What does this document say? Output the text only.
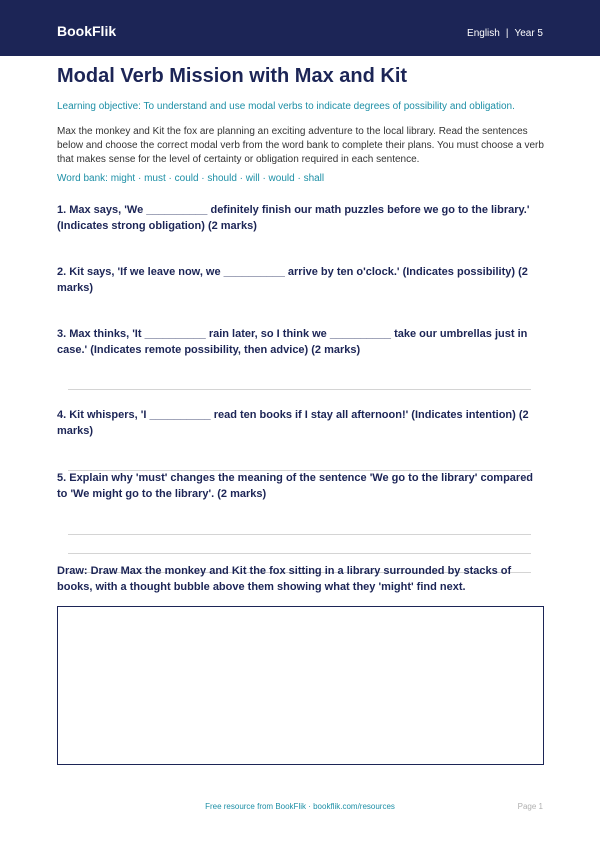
BookFlik	English | Year 5
Modal Verb Mission with Max and Kit
Learning objective: To understand and use modal verbs to indicate degrees of possibility and obligation.
Max the monkey and Kit the fox are planning an exciting adventure to the local library. Read the sentences below and choose the correct modal verb from the word bank to complete their plans. You must choose a verb that makes sense for the level of certainty or obligation required in each sentence.
Word bank: might · must · could · should · will · would · shall
1. Max says, 'We __________ definitely finish our math puzzles before we go to the library.' (Indicates strong obligation) (2 marks)
2. Kit says, 'If we leave now, we __________ arrive by ten o'clock.' (Indicates possibility) (2 marks)
3. Max thinks, 'It __________ rain later, so I think we __________ take our umbrellas just in case.' (Indicates remote possibility, then advice) (2 marks)
4. Kit whispers, 'I __________ read ten books if I stay all afternoon!' (Indicates intention) (2 marks)
5. Explain why 'must' changes the meaning of the sentence 'We go to the library' compared to 'We might go to the library'. (2 marks)
Draw: Draw Max the monkey and Kit the fox sitting in a library surrounded by stacks of books, with a thought bubble above them showing what they 'might' find next.
Free resource from BookFlik · bookflik.com/resources	Page 1
